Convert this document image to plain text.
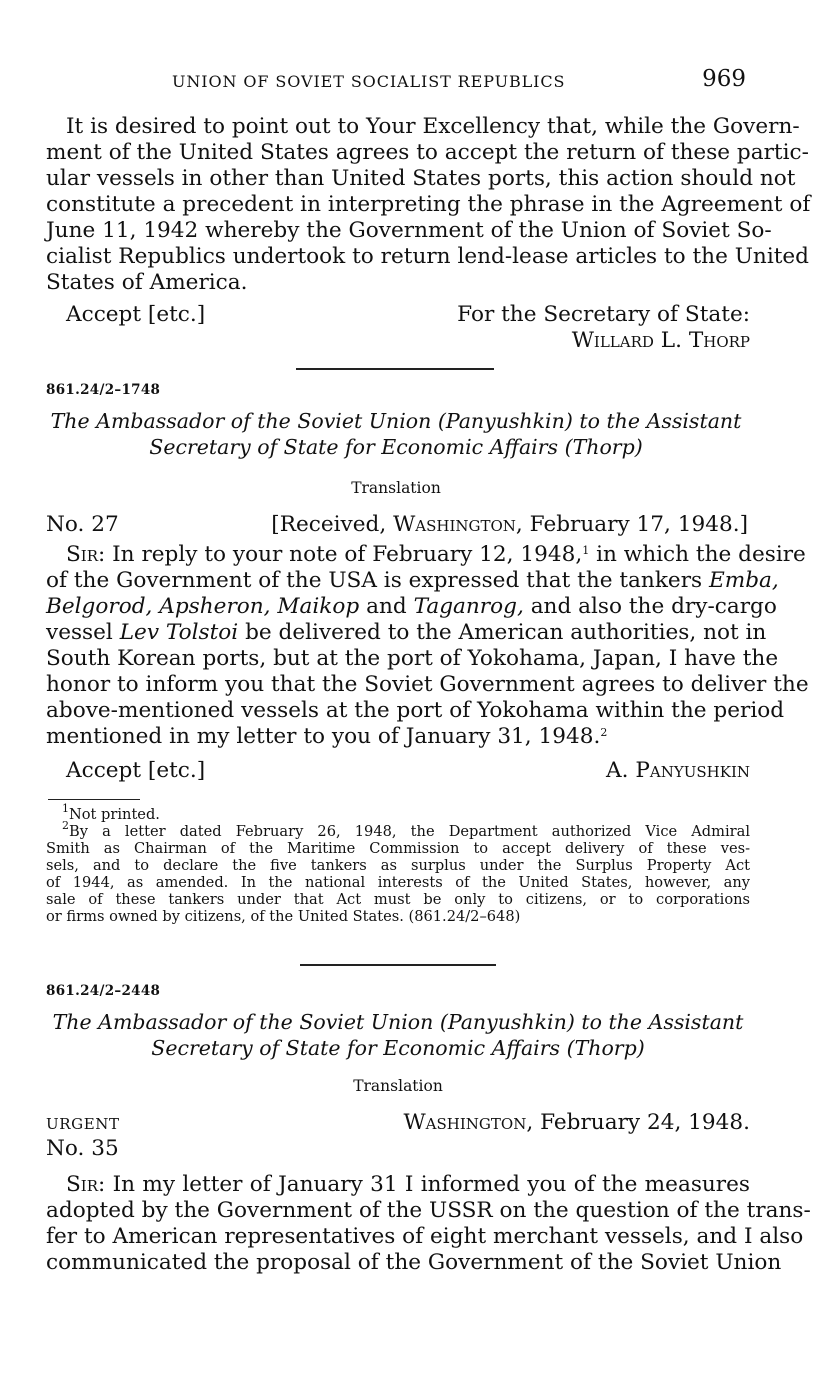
UNION OF SOVIET SOCIALIST REPUBLICS	969
It is desired to point out to Your Excellency that, while the Govern-
ment of the United States agrees to accept the return of these partic-
ular vessels in other than United States ports, this action should not
constitute a precedent in interpreting the phrase in the Agreement of
June 11, 1942 whereby the Government of the Union of Soviet So-
cialist Republics undertook to return lend-lease articles to the United
States of America.
Accept [etc.]	For the Secretary of State:
Willard L. Thorp
861.24/2–1748
The Ambassador of the Soviet Union (Panyushkin) to the Assistant
Secretary of State for Economic Affairs (Thorp)
Translation
No. 27	[Received, Washington, February 17, 1948.]
Sir: In reply to your note of February 12, 1948,$^1$ in which the desire
of the Government of the USA is expressed that the tankers Emba,
Belgorod, Apsheron, Maikop and Taganrog, and also the dry-cargo
vessel Lev Tolstoi be delivered to the American authorities, not in
South Korean ports, but at the port of Yokohama, Japan, I have the
honor to inform you that the Soviet Government agrees to deliver the
above-mentioned vessels at the port of Yokohama within the period
mentioned in my letter to you of January 31, 1948.$^2$
Accept [etc.]	A. Panyushkin
$^1$Not printed.
$^2$By a letter dated February 26, 1948, the Department authorized Vice Admiral
Smith as Chairman of the Maritime Commission to accept delivery of these ves-
sels, and to declare the five tankers as surplus under the Surplus Property Act
of 1944, as amended. In the national interests of the United States, however, any
sale of these tankers under that Act must be only to citizens, or to corporations
or firms owned by citizens, of the United States. (861.24/2–648)
861.24/2–2448
The Ambassador of the Soviet Union (Panyushkin) to the Assistant
Secretary of State for Economic Affairs (Thorp)
Translation
URGENT	Washington, February 24, 1948.
No. 35
Sir: In my letter of January 31 I informed you of the measures
adopted by the Government of the USSR on the question of the trans-
fer to American representatives of eight merchant vessels, and I also
communicated the proposal of the Government of the Soviet Union
